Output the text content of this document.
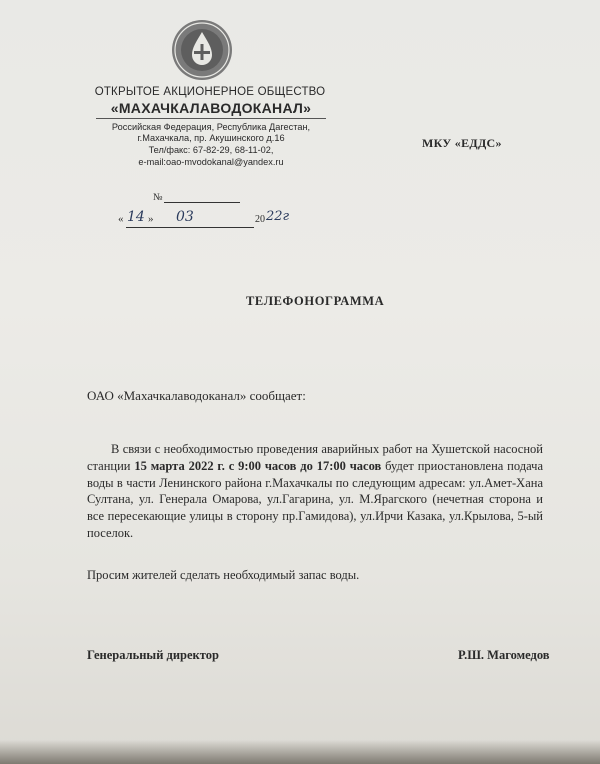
ОТКРЫТОЕ АКЦИОНЕРНОЕ ОБЩЕСТВО
«МАХАЧКАЛАВОДОКАНАЛ»
Российская Федерация, Республика Дагестан,
г.Махачкала, пр. Акушинского д.16
Тел/факс: 67-82-29, 68-11-02,
e-mail:oao-mvodokanal@yandex.ru
МКУ «ЕДДС»
№
« 14 » 03	20 22г
ТЕЛЕФОНОГРАММА
ОАО «Махачкалаводоканал» сообщает:
В связи с необходимостью проведения аварийных работ на Хушетской насосной станции 15 марта 2022 г. с 9:00 часов до 17:00 часов будет приостановлена подача воды в части Ленинского района г.Махачкалы по следующим адресам: ул.Амет-Хана Султана, ул. Генерала Омарова, ул.Гагарина, ул. М.Ярагского (нечетная сторона и все пересекающие улицы в сторону пр.Гамидова), ул.Ирчи Казака, ул.Крылова, 5-ый поселок.
Просим жителей сделать необходимый запас воды.
Генеральный директор	Р.Ш. Магомедов
